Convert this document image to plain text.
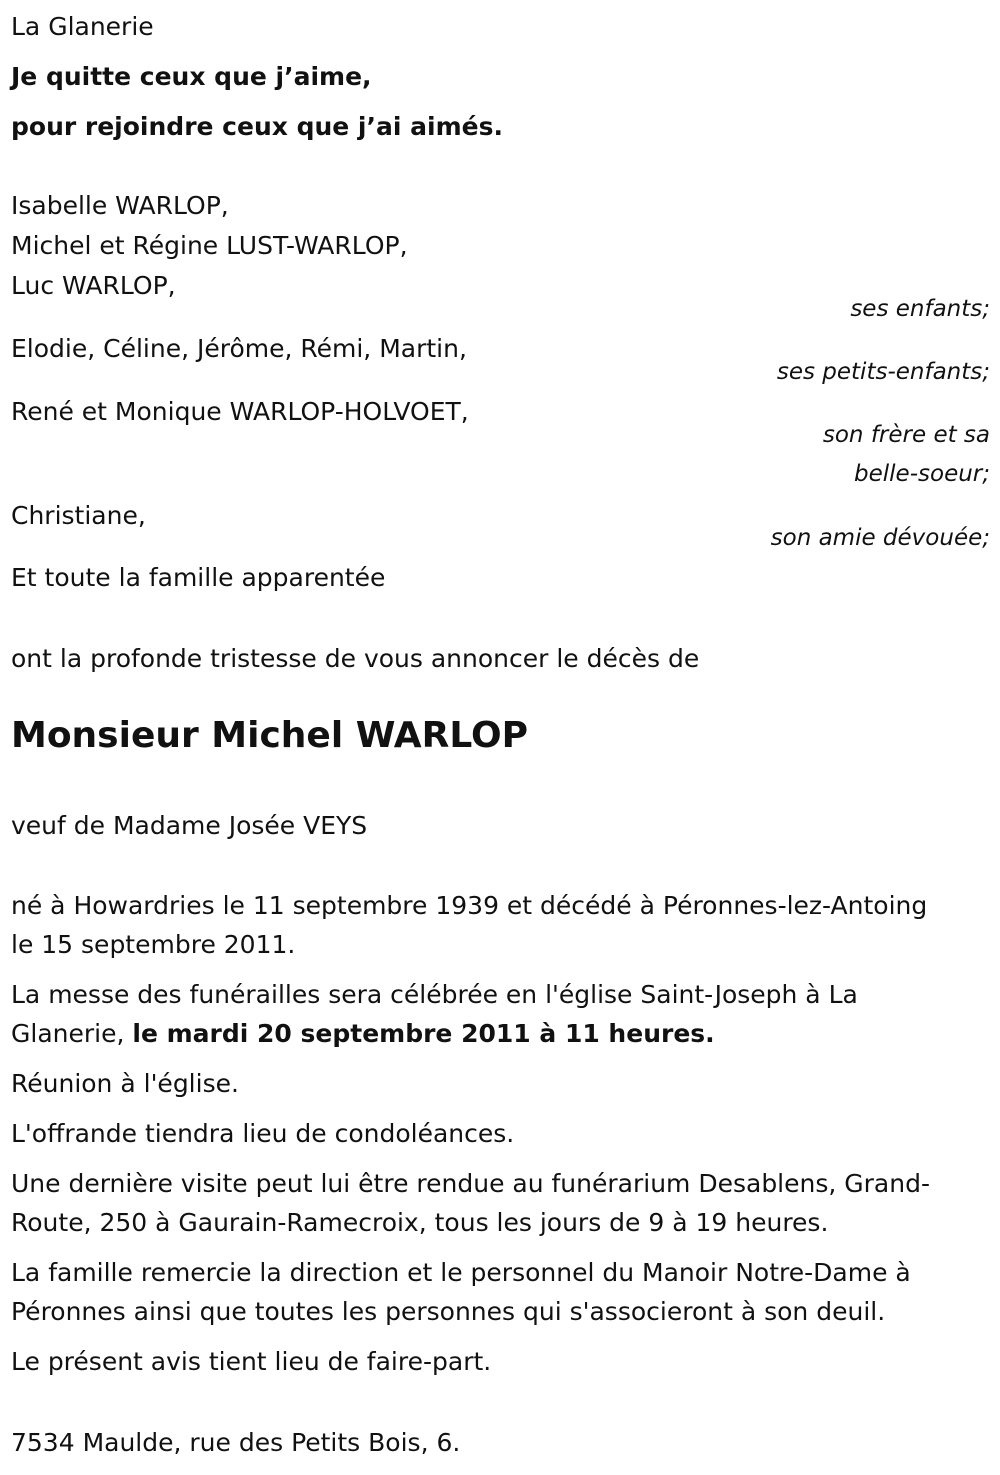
La Glanerie
Je quitte ceux que j’aime,
pour rejoindre ceux que j’ai aimés.
Isabelle WARLOP,
Michel et Régine LUST-WARLOP,
Luc WARLOP,
ses enfants;
Elodie, Céline, Jérôme, Rémi, Martin,
ses petits-enfants;
René et Monique WARLOP-HOLVOET,
son frère et sa
belle-soeur;
Christiane,
son amie dévouée;
Et toute la famille apparentée
ont la profonde tristesse de vous annoncer le décès de
Monsieur Michel WARLOP
veuf de Madame Josée VEYS
né à Howardries le 11 septembre 1939 et décédé à Péronnes-lez-Antoing
le 15 septembre 2011.
La messe des funérailles sera célébrée en l'église Saint-Joseph à La
Glanerie, le mardi 20 septembre 2011 à 11 heures.
Réunion à l'église.
L'offrande tiendra lieu de condoléances.
Une dernière visite peut lui être rendue au funérarium Desablens, Grand-
Route, 250 à Gaurain-Ramecroix, tous les jours de 9 à 19 heures.
La famille remercie la direction et le personnel du Manoir Notre-Dame à
Péronnes ainsi que toutes les personnes qui s'associeront à son deuil.
Le présent avis tient lieu de faire-part.
7534 Maulde, rue des Petits Bois, 6.
